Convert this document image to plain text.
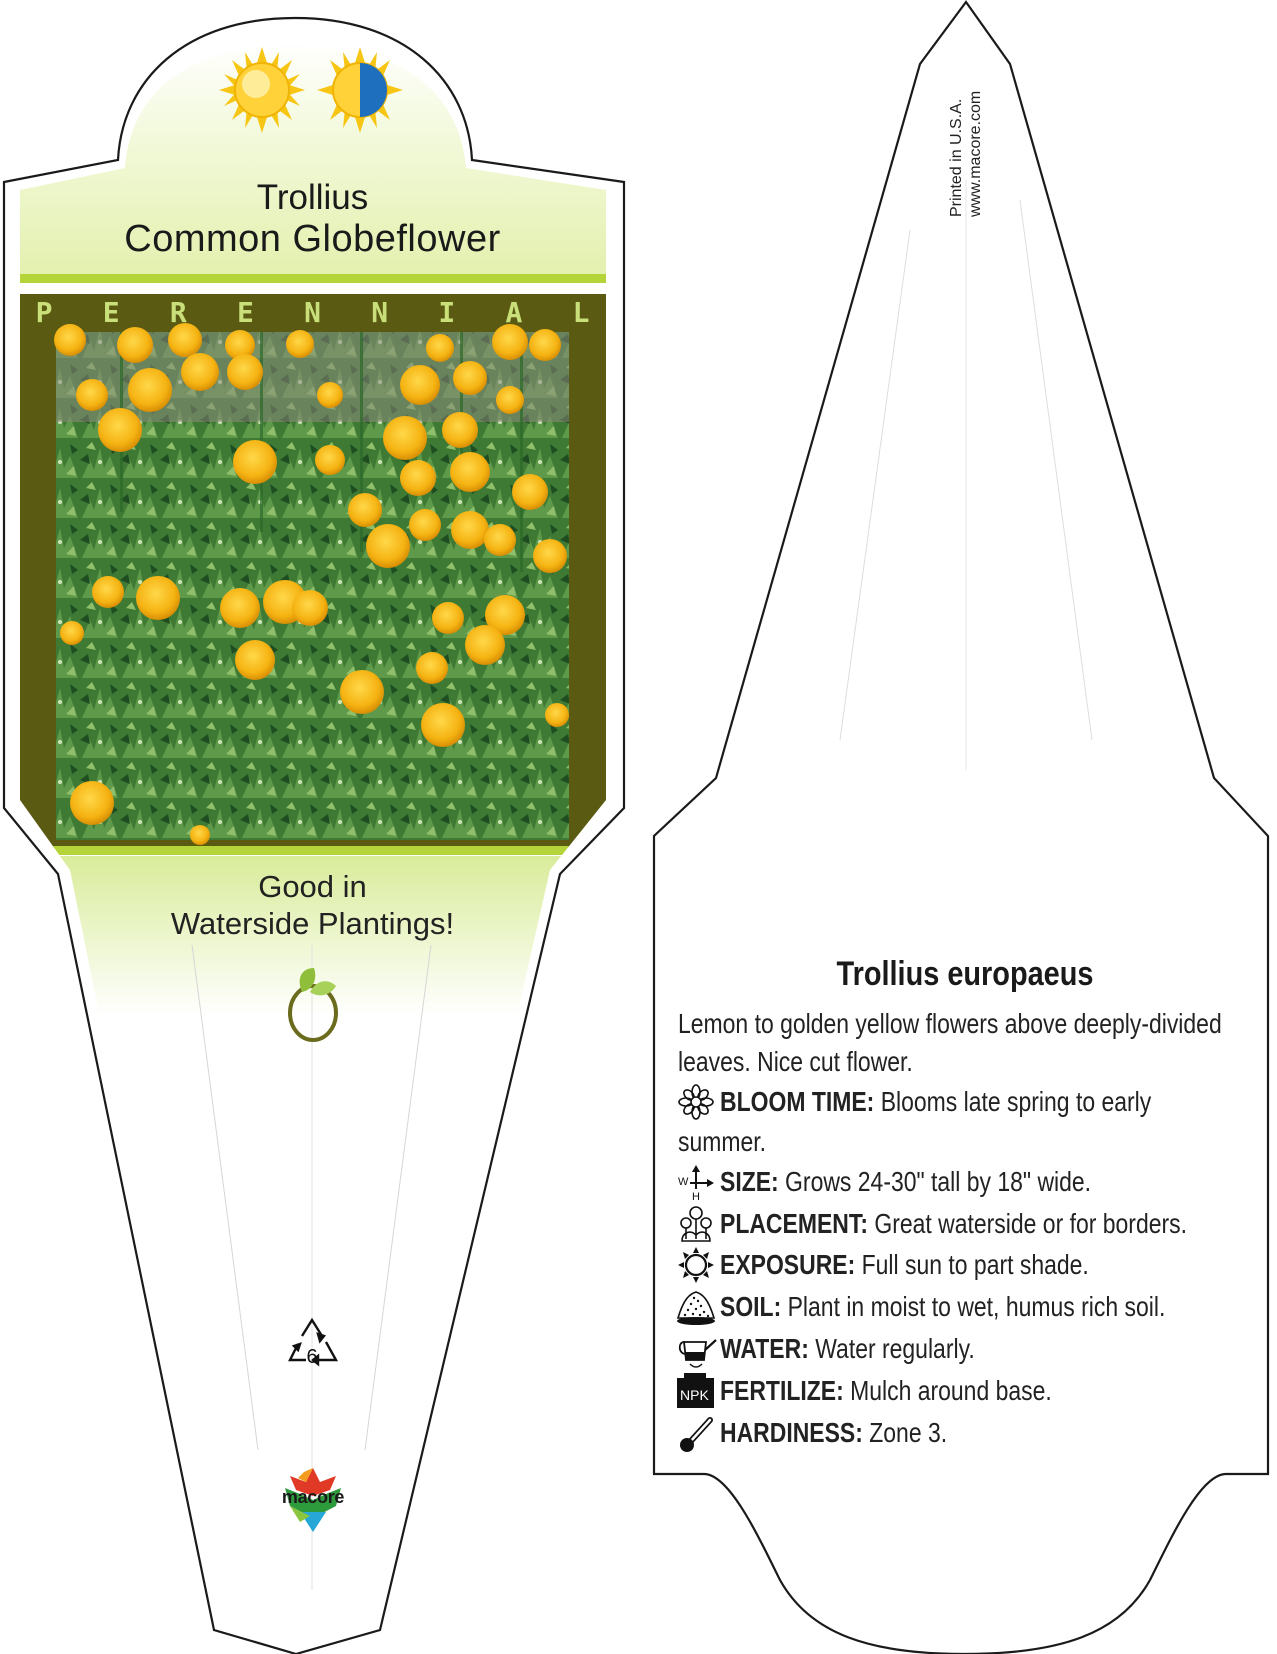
Trollius
Common Globeflower
P E R E N N I A L
Good in
Waterside Plantings!
6
macore
Printed in U.S.A. www.macore.com
Trollius europaeus
Lemon to golden yellow flowers above deeply-divided leaves. Nice cut flower.
BLOOM TIME: Blooms late spring to early
summer.
W
H SIZE: Grows 24-30" tall by 18" wide.
PLACEMENT: Great waterside or for borders.
EXPOSURE: Full sun to part shade.
SOIL: Plant in moist to wet, humus rich soil.
WATER: Water regularly.
NPK FERTILIZE: Mulch around base.
HARDINESS: Zone 3.
